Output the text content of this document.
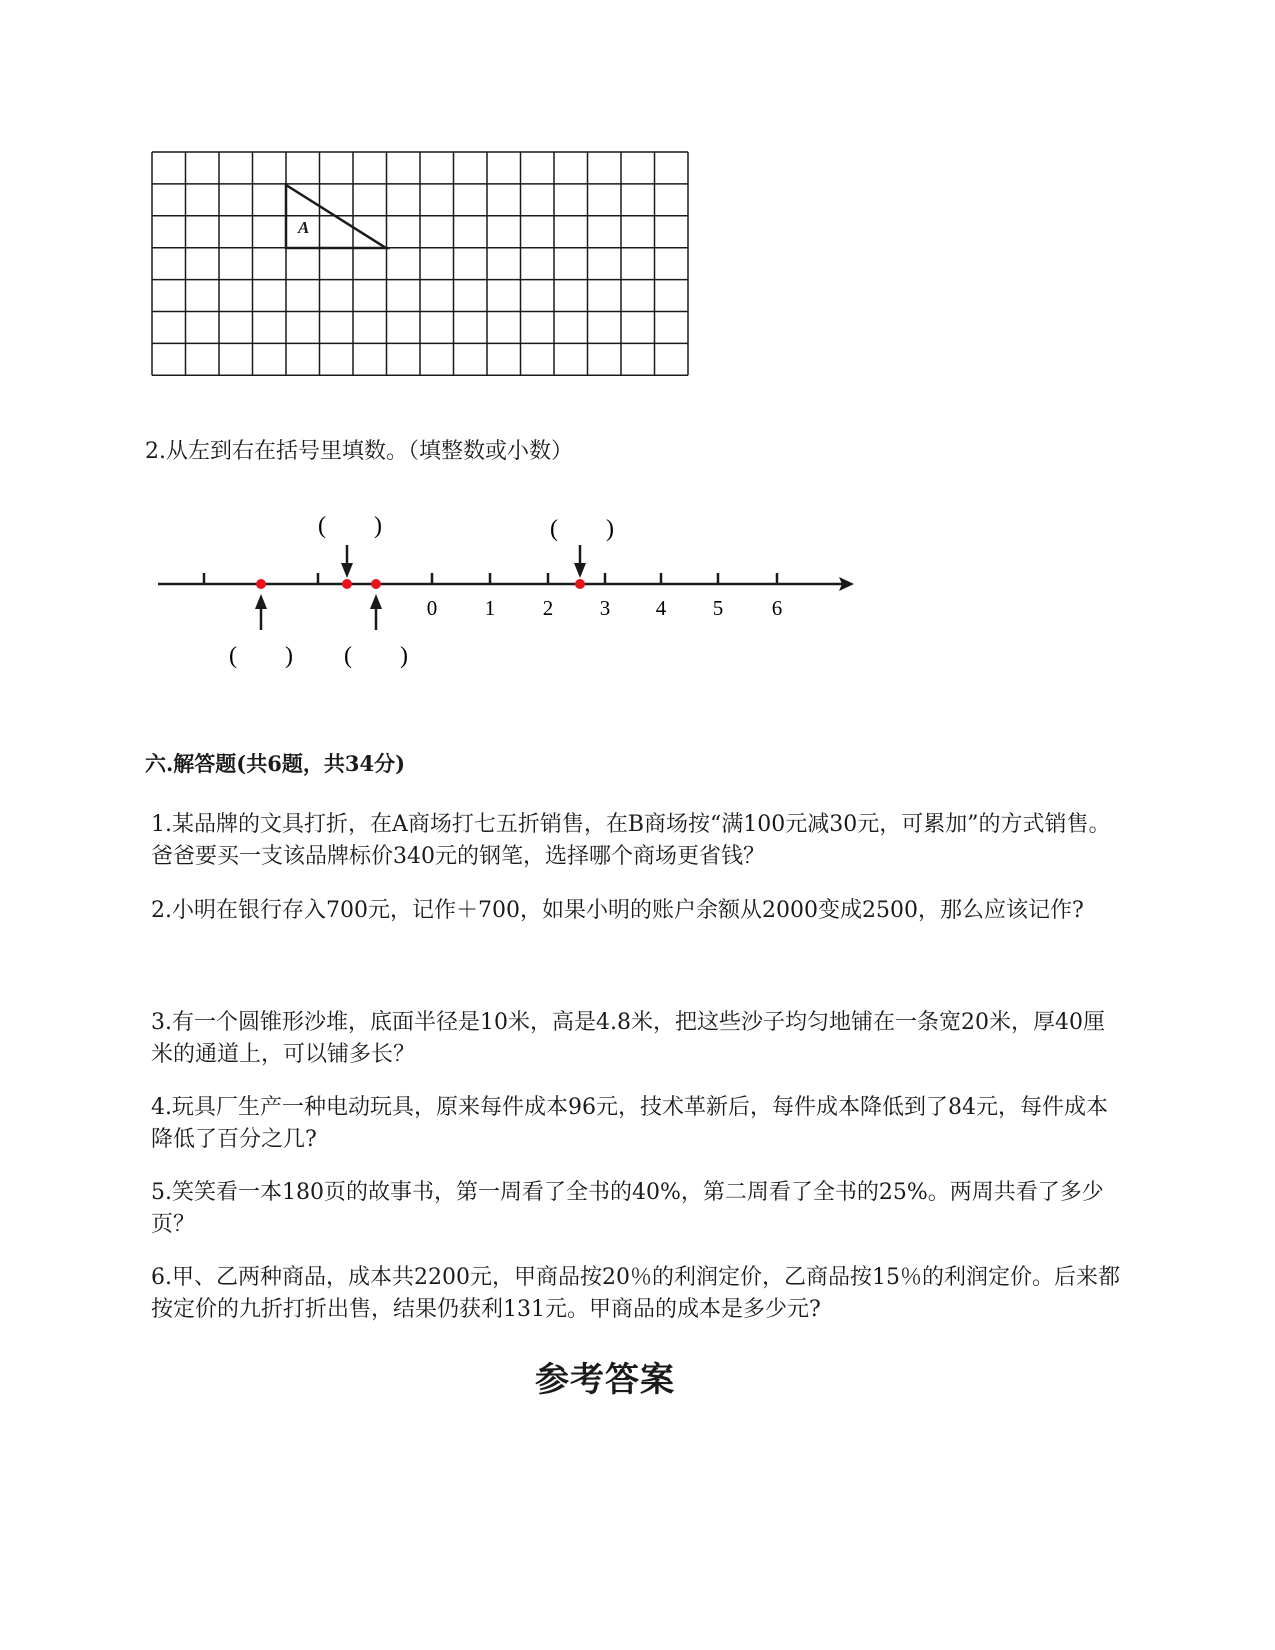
A
2.从左到右在括号里填数。（填整数或小数）
0 1 2 3 4 5 6
(        )	(        )
(        ) (        )
六.解答题(共6题，共34分)
1.某品牌的文具打折，在A商场打七五折销售，在B商场按“满100元减30元，可累加”的方式销售。爸爸要买一支该品牌标价340元的钢笔，选择哪个商场更省钱？
2.小明在银行存入700元，记作＋700，如果小明的账户余额从2000变成2500，那么应该记作?
3.有一个圆锥形沙堆，底面半径是10米，高是4.8米，把这些沙子均匀地铺在一条宽20米，厚40厘米的通道上，可以铺多长？
4.玩具厂生产一种电动玩具，原来每件成本96元，技术革新后，每件成本降低到了84元，每件成本降低了百分之几?
5.笑笑看一本180页的故事书，第一周看了全书的40%，第二周看了全书的25%。两周共看了多少页？
6.甲、乙两种商品，成本共2200元，甲商品按20％的利润定价，乙商品按15％的利润定价。后来都按定价的九折打折出售，结果仍获利131元。甲商品的成本是多少元?
参考答案
